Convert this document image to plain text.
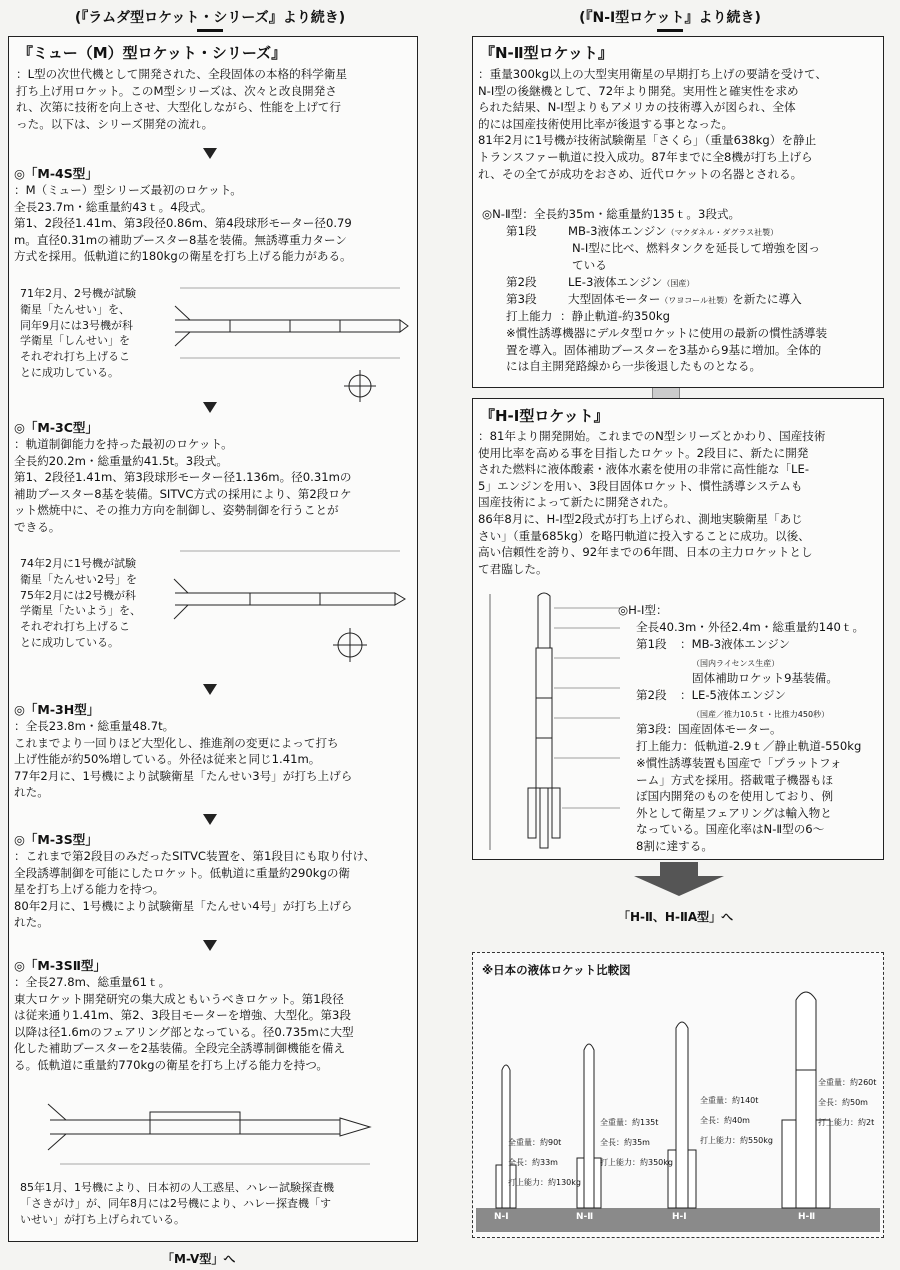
(『ラムダ型ロケット・シリーズ』より続き)	(『N-Ⅰ型ロケット』より続き)
『ミュー（M）型ロケット・シリーズ』
：L型の次世代機として開発された、全段固体の本格的科学衛星
打ち上げ用ロケット。このM型シリーズは、次々と改良開発さ
れ、次第に技術を向上させ、大型化しながら、性能を上げて行
った。以下は、シリーズ開発の流れ。
◎「M-4S型」
：M（ミュー）型シリーズ最初のロケット。
全長23.7m・総重量約43ｔ。4段式。
第1、2段径1.41m、第3段径0.86m、第4段球形モーター径0.79
m。直径0.31mの補助ブースター8基を装備。無誘導重力ターン
方式を採用。低軌道に約180kgの衛星を打ち上げる能力がある。
71年2月、2号機が試験
衛星「たんせい」を、
同年9月には3号機が科
学衛星「しんせい」を
それぞれ打ち上げるこ
とに成功している。
◎「M-3C型」
：軌道制御能力を持った最初のロケット。
全長約20.2m・総重量約41.5t。3段式。
第1、2段径1.41m、第3段球形モーター径1.136m。径0.31mの
補助ブースター8基を装備。SITVC方式の採用により、第2段ロケ
ット燃焼中に、その推力方向を制御し、姿勢制御を行うことが
できる。
74年2月に1号機が試験
衛星「たんせい2号」を
75年2月には2号機が科
学衛星「たいよう」を、
それぞれ打ち上げるこ
とに成功している。
◎「M-3H型」
：全長23.8m・総重量48.7t。
これまでより一回りほど大型化し、推進剤の変更によって打ち
上げ性能が約50%増している。外径は従来と同じ1.41m。
77年2月に、1号機により試験衛星「たんせい3号」が打ち上げら
れた。
◎「M-3S型」
：これまで第2段目のみだったSITVC装置を、第1段目にも取り付け、
全段誘導制御を可能にしたロケット。低軌道に重量約290kgの衛
星を打ち上げる能力を持つ。
80年2月に、1号機により試験衛星「たんせい4号」が打ち上げら
れた。
◎「M-3SⅡ型」
：全長27.8m、総重量61ｔ。
東大ロケット開発研究の集大成ともいうべきロケット。第1段径
は従来通り1.41m、第2、3段目モーターを増強、大型化。第3段
以降は径1.6mのフェアリング部となっている。径0.735mに大型
化した補助ブースターを2基装備。全段完全誘導制御機能を備え
る。低軌道に重量約770kgの衛星を打ち上げる能力を持つ。
85年1月、1号機により、日本初の人工惑星、ハレー試験探査機
「さきがけ」が、同年8月には2号機により、ハレー探査機「す
いせい」が打ち上げられている。
「M-V型」へ
『N-Ⅱ型ロケット』
：重量300kg以上の大型実用衛星の早期打ち上げの要請を受けて、
N-Ⅰ型の後継機として、72年より開発。実用性と確実性を求め
られた結果、N-Ⅰ型よりもアメリカの技術導入が図られ、全体
的には国産技術使用比率が後退する事となった。
81年2月に1号機が技術試験衛星「さくら」（重量638kg）を静止
トランスファー軌道に投入成功。87年までに全8機が打ち上げら
れ、その全てが成功をおさめ、近代ロケットの名器とされる。
◎N-Ⅱ型：全長約35m・総重量約135ｔ。3段式。
第1段	MB-3液体エンジン（マクダネル・ダグラス社製）
N-Ⅰ型に比べ、燃料タンクを延長して増強を図っ
ている
第2段	LE-3液体エンジン（国産）
第3段	大型固体モーター（ワヨコール社製）を新たに導入
打上能力 ：静止軌道-約350kg
※慣性誘導機器にデルタ型ロケットに使用の最新の慣性誘導装
置を導入。固体補助ブースターを3基から9基に増加。全体的
には自主開発路線から一歩後退したものとなる。
『H-Ⅰ型ロケット』
：81年より開発開始。これまでのN型シリーズとかわり、国産技術
使用比率を高める事を目指したロケット。2段目に、新たに開発
された燃料に液体酸素・液体水素を使用の非常に高性能な「LE-
5」エンジンを用い、3段目固体ロケット、慣性誘導システムも
国産技術によって新たに開発された。
86年8月に、H-Ⅰ型2段式が打ち上げられ、測地実験衛星「あじ
さい」（重量685kg）を略円軌道に投入することに成功。以後、
高い信頼性を誇り、92年までの6年間、日本の主力ロケットとし
て君臨した。
◎H-Ⅰ型：
全長40.3m・外径2.4m・総重量約140ｔ。
第1段 ：MB-3液体エンジン
（国内ライセンス生産）
固体補助ロケット9基装備。
第2段 ：LE-5液体エンジン
（国産／推力10.5ｔ・比推力450秒）
第3段：国産固体モーター。
打上能力：低軌道-2.9ｔ／静止軌道-550kg
※慣性誘導装置も国産で「プラットフォ
ーム」方式を採用。搭載電子機器もほ
ぼ国内開発のものを使用しており、例
外として衛星フェアリングは輸入物と
なっている。国産化率はN-Ⅱ型の6～
8割に達する。
「H-Ⅱ、H-ⅡA型」へ
※日本の液体ロケット比較図
N-Ⅰ	N-Ⅱ	H-Ⅰ	H-Ⅱ

全重量：約90t

全長：約33m

打上能力：約130kg

全重量：約135t

全長：約35m

打上能力：約350kg

全重量：約140t

全長：約40m

打上能力：約550kg

全重量：約260t

全長：約50m

打上能力：約2t
